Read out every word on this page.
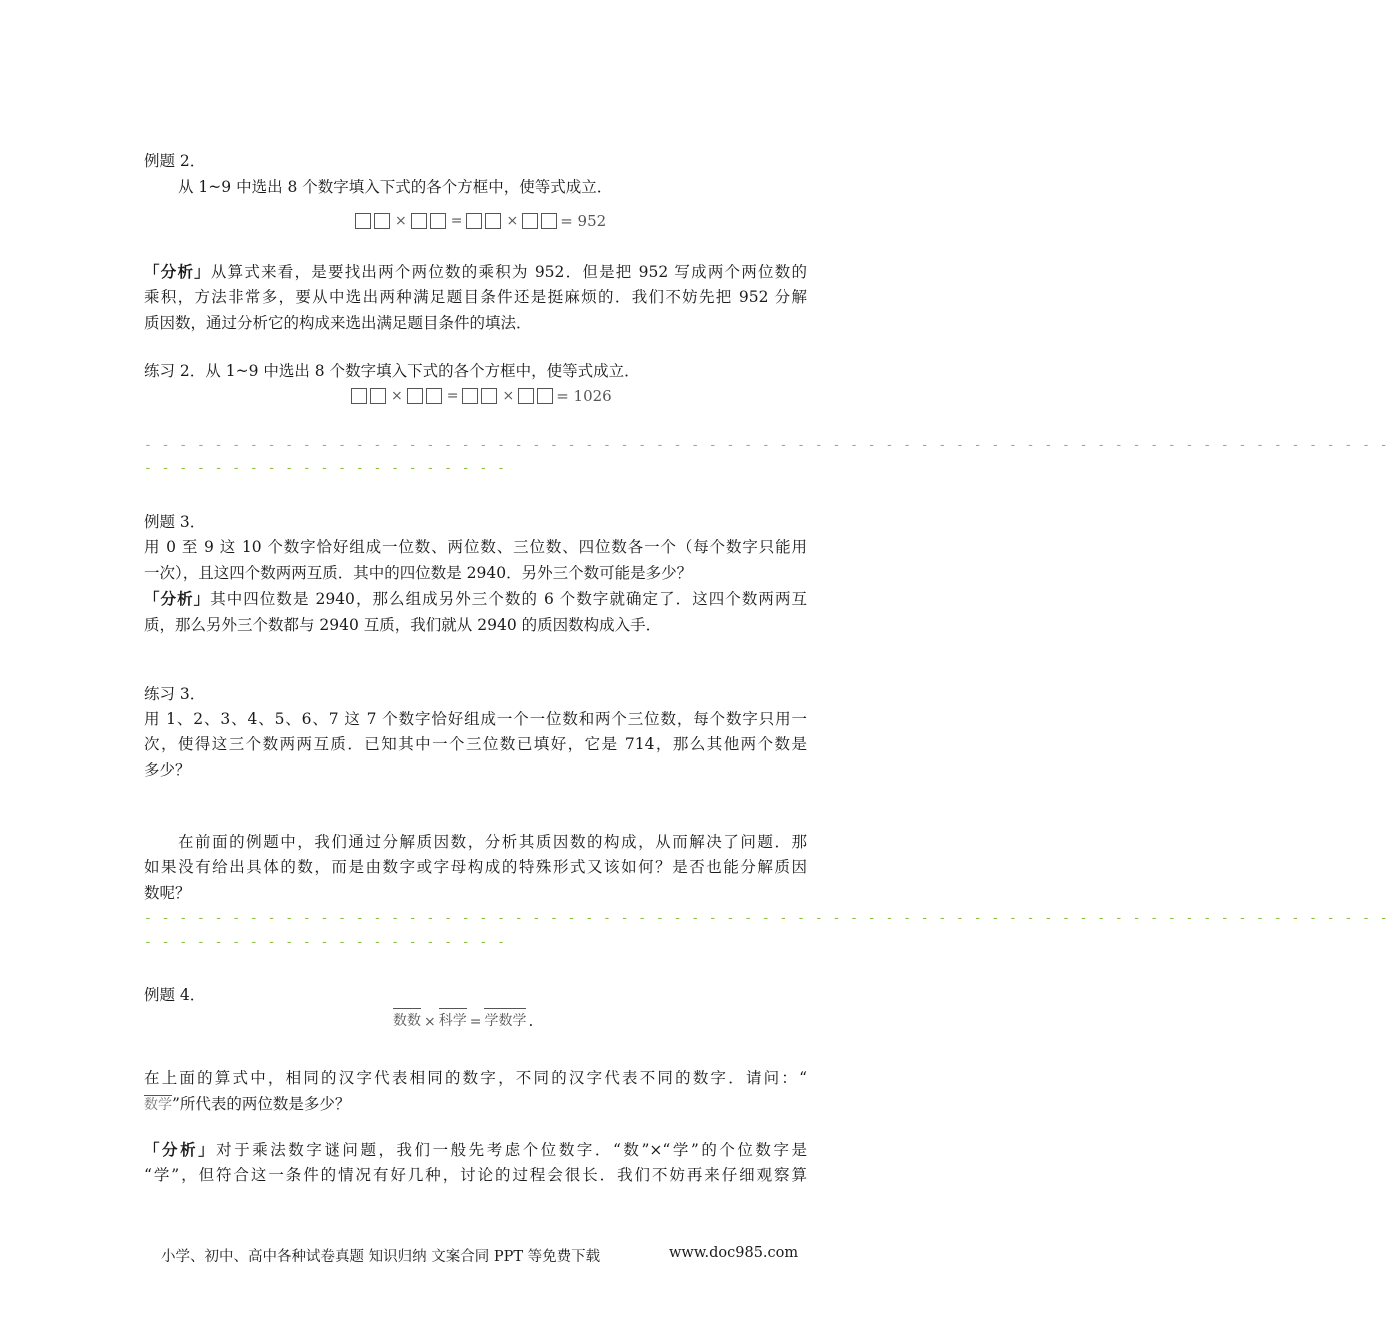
例题 2．
从 1~9 中选出 8 个数字填入下式的各个方框中，使等式成立．
×	=	×	= 952
「分析」从算式来看，是要找出两个两位数的乘积为 952．但是把 952 写成两个两位数的
乘积，方法非常多，要从中选出两种满足题目条件还是挺麻烦的．我们不妨先把 952 分解
质因数，通过分析它的构成来选出满足题目条件的填法．
练习 2．从 1~9 中选出 8 个数字填入下式的各个方框中，使等式成立．
×	=	×	= 1026
- - - - - - - - - - - - - - - - - - - - - - - - - - - - - - - - - - - - - - - - - - - - - - - - - - - - - - - - - - - - - - - - - - - - - - -
- - - - - - - - - - - - - - - - - - - - -
例题 3．
用 0 至 9 这 10 个数字恰好组成一位数、两位数、三位数、四位数各一个（每个数字只能用
一次），且这四个数两两互质．其中的四位数是 2940．另外三个数可能是多少？
「分析」其中四位数是 2940，那么组成另外三个数的 6 个数字就确定了．这四个数两两互
质，那么另外三个数都与 2940 互质，我们就从 2940 的质因数构成入手．
练习 3．
用 1、2、3、4、5、6、7 这 7 个数字恰好组成一个一位数和两个三位数，每个数字只用一
次，使得这三个数两两互质．已知其中一个三位数已填好，它是 714，那么其他两个数是
多少？
在前面的例题中，我们通过分解质因数，分析其质因数的构成，从而解决了问题．那
如果没有给出具体的数，而是由数字或字母构成的特殊形式又该如何？是否也能分解质因
数呢？
- - - - - - - - - - - - - - - - - - - - - - - - - - - - - - - - - - - - - - - - - - - - - - - - - - - - - - - - - - - - - - - - - - - - - - -
- - - - - - - - - - - - - - - - - - - - -
例题 4．
数数 × 科学 = 学数学 .
在上面的算式中，相同的汉字代表相同的数字，不同的汉字代表不同的数字．请问：“
数学”所代表的两位数是多少？
「分析」对于乘法数字谜问题，我们一般先考虑个位数字．“数”×“学”的个位数字是
“学”，但符合这一条件的情况有好几种，讨论的过程会很长．我们不妨再来仔细观察算
小学、初中、高中各种试卷真题 知识归纳 文案合同 PPT 等免费下载	www.doc985.com
